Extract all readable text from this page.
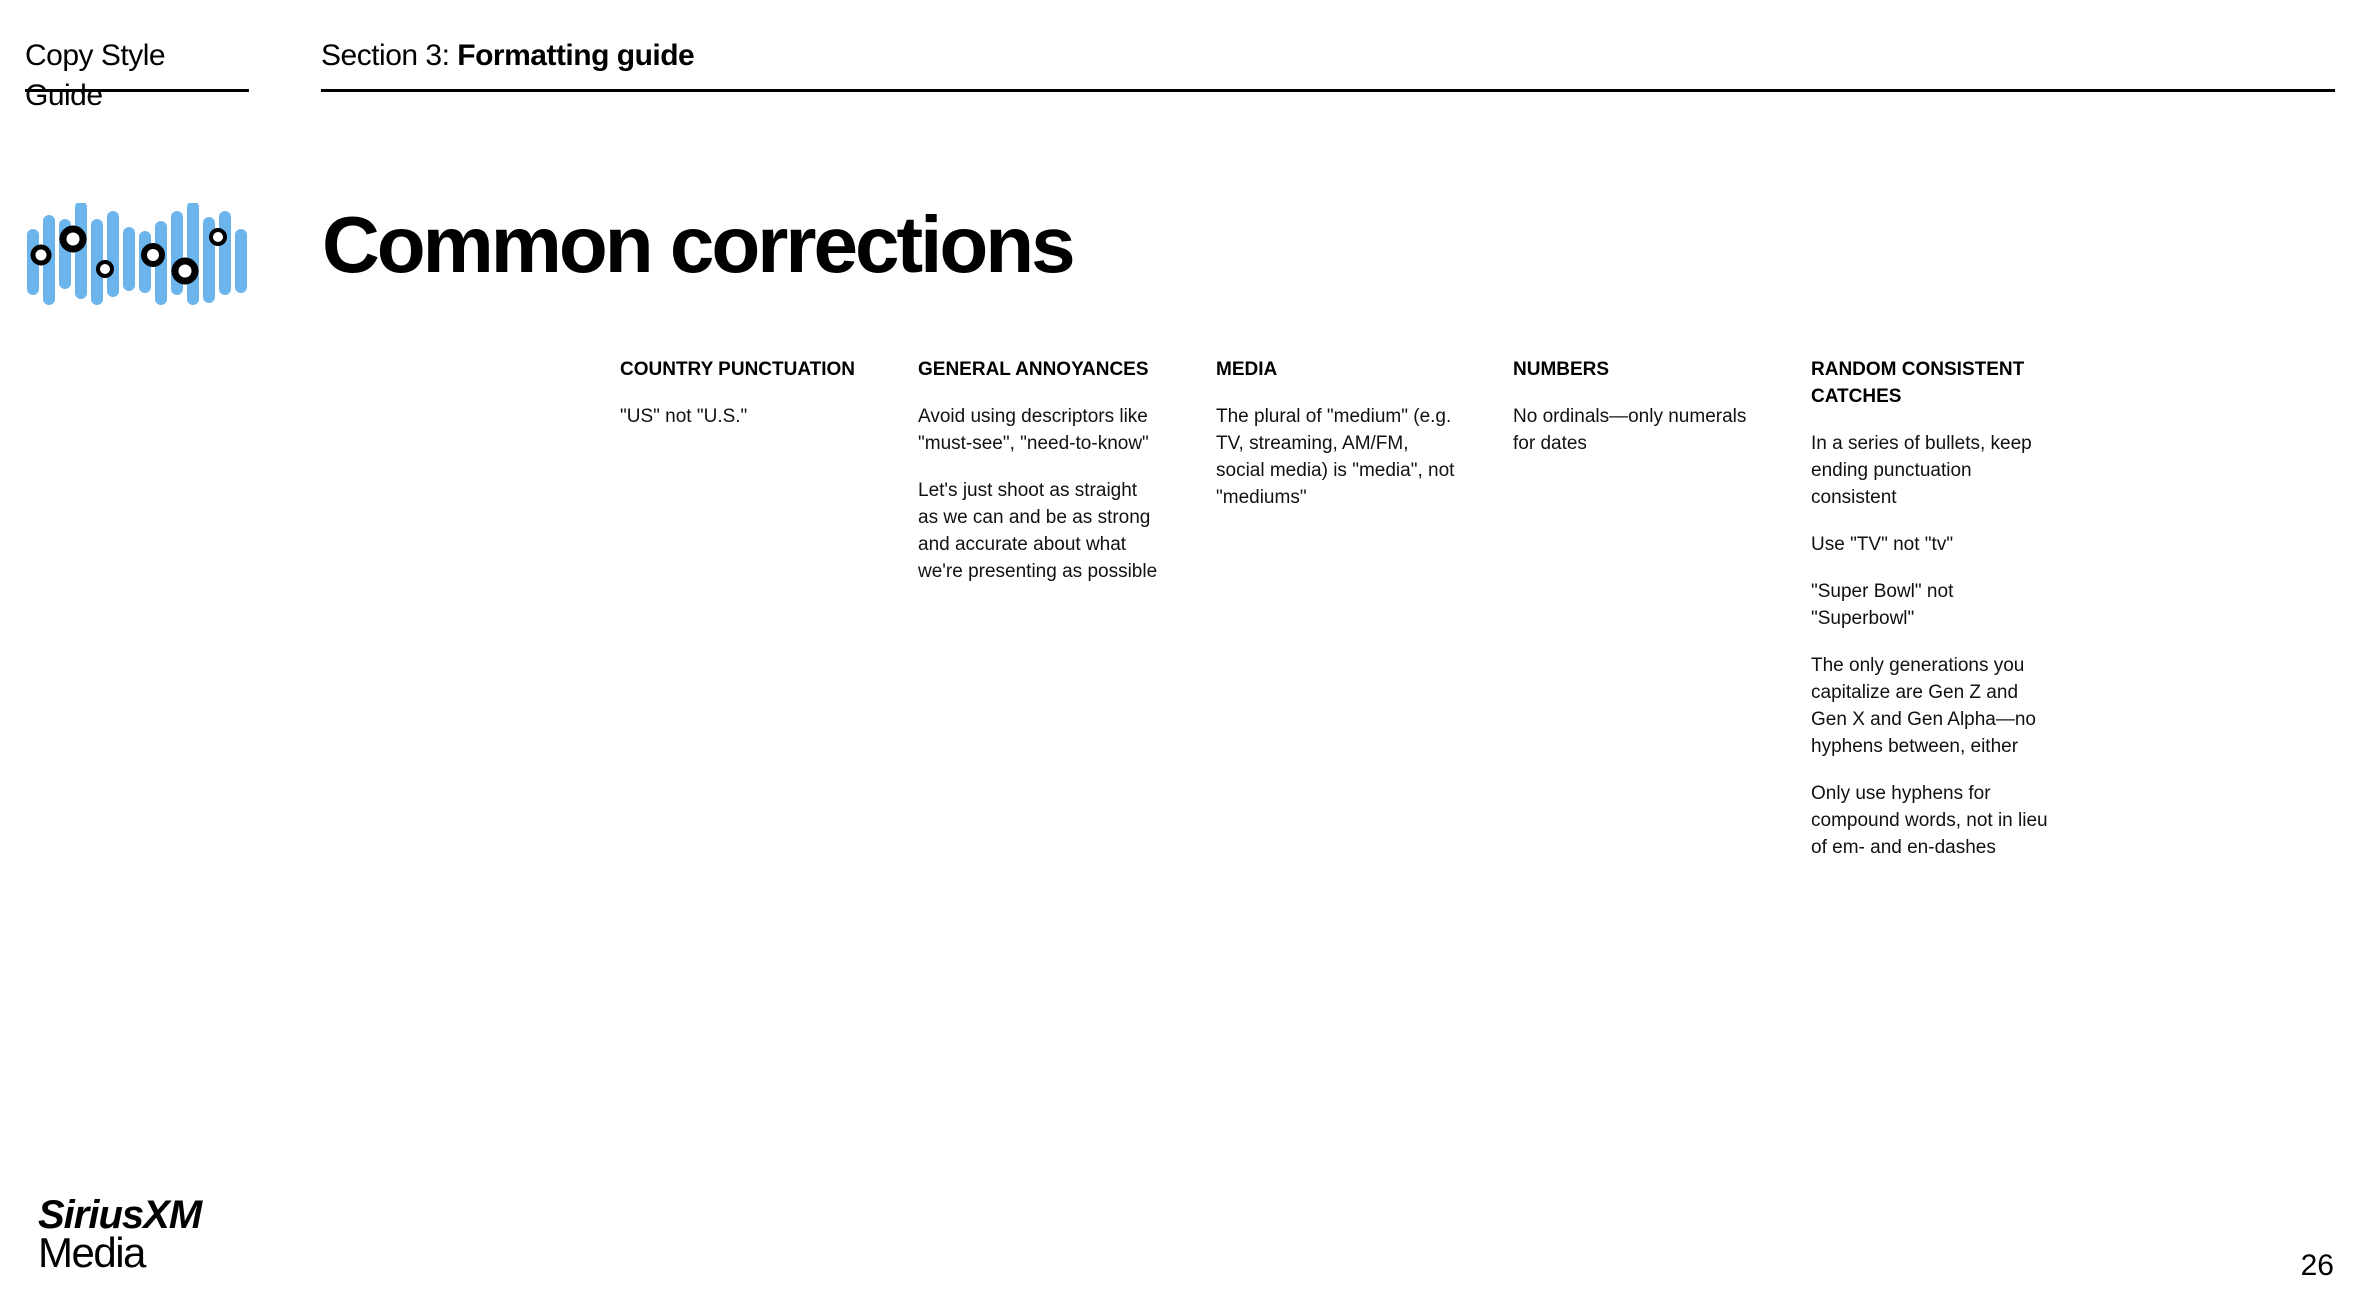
Copy Style Guide
Section 3: Formatting guide
Common corrections
COUNTRY PUNCTUATION

"US" not "U.S."

GENERAL ANNOYANCES

Avoid using descriptors like "must-see", "need-to-know"

Let's just shoot as straight as we can and be as strong and accurate about what we're presenting as possible

MEDIA

The plural of "medium" (e.g. TV, streaming, AM/FM, social media) is "media", not "mediums"

NUMBERS

No ordinals—only numerals for dates

RANDOM CONSISTENT CATCHES

In a series of bullets, keep ending punctuation consistent

Use "TV" not "tv"

"Super Bowl" not "Superbowl"

The only generations you capitalize are Gen Z and Gen X and Gen Alpha—no hyphens between, either

Only use hyphens for compound words, not in lieu of em- and en-dashes

SiriusXM
Media	26
